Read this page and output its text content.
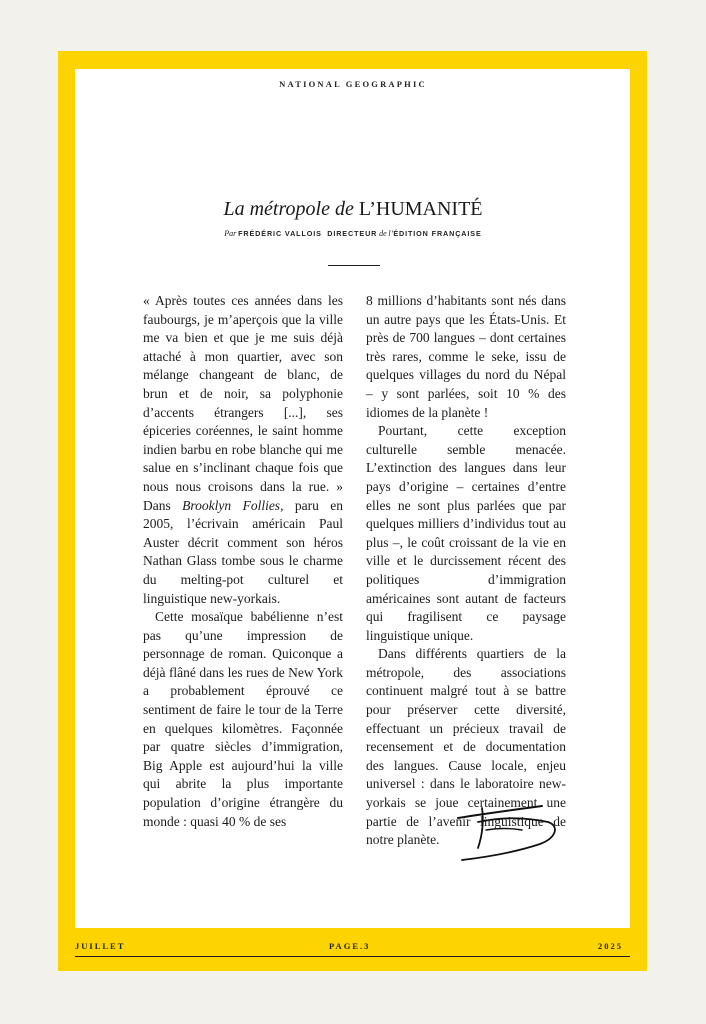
NATIONAL GEOGRAPHIC
La métropole de L’HUMANITÉ
Par FRÉDÉRIC VALLOIS DIRECTEUR de l’ÉDITION FRANÇAISE

« Après toutes ces années dans les faubourgs, je m’aperçois que la ville me va bien et que je me suis déjà attaché à mon quartier, avec son mélange changeant de blanc, de brun et de noir, sa polyphonie d’accents étrangers [...], ses épiceries coréennes, le saint homme indien barbu en robe blanche qui me salue en s’inclinant chaque fois que nous nous croisons dans la rue. » Dans Brooklyn Follies, paru en 2005, l’écrivain américain Paul Auster décrit comment son héros Nathan Glass tombe sous le charme du melting-pot culturel et linguistique new-yorkais.

Cette mosaïque babélienne n’est pas qu’une impression de personnage de roman. Quiconque a déjà flâné dans les rues de New York a probablement éprouvé ce sentiment de faire le tour de la Terre en quelques kilomètres. Façonnée par quatre siècles d’immigration, Big Apple est aujourd’hui la ville qui abrite la plus importante population d’origine étrangère du monde : quasi 40 % de ses

8 millions d’habitants sont nés dans un autre pays que les États-Unis. Et près de 700 langues – dont certaines très rares, comme le seke, issu de quelques villages du nord du Népal – y sont parlées, soit 10 % des idiomes de la planète !

Pourtant, cette exception culturelle semble menacée. L’extinction des langues dans leur pays d’origine – certaines d’entre elles ne sont plus parlées que par quelques milliers d’individus tout au plus –, le coût croissant de la vie en ville et le durcissement récent des politiques d’immigration américaines sont autant de facteurs qui fragilisent ce paysage linguistique unique.

Dans différents quartiers de la métropole, des associations continuent malgré tout à se battre pour préserver cette diversité, effectuant un précieux travail de recensement et de documentation des langues. Cause locale, enjeu universel : dans le laboratoire new-yorkais se joue certainement une partie de l’avenir linguistique de notre planète.

JUILLET	PAGE.3	2025
